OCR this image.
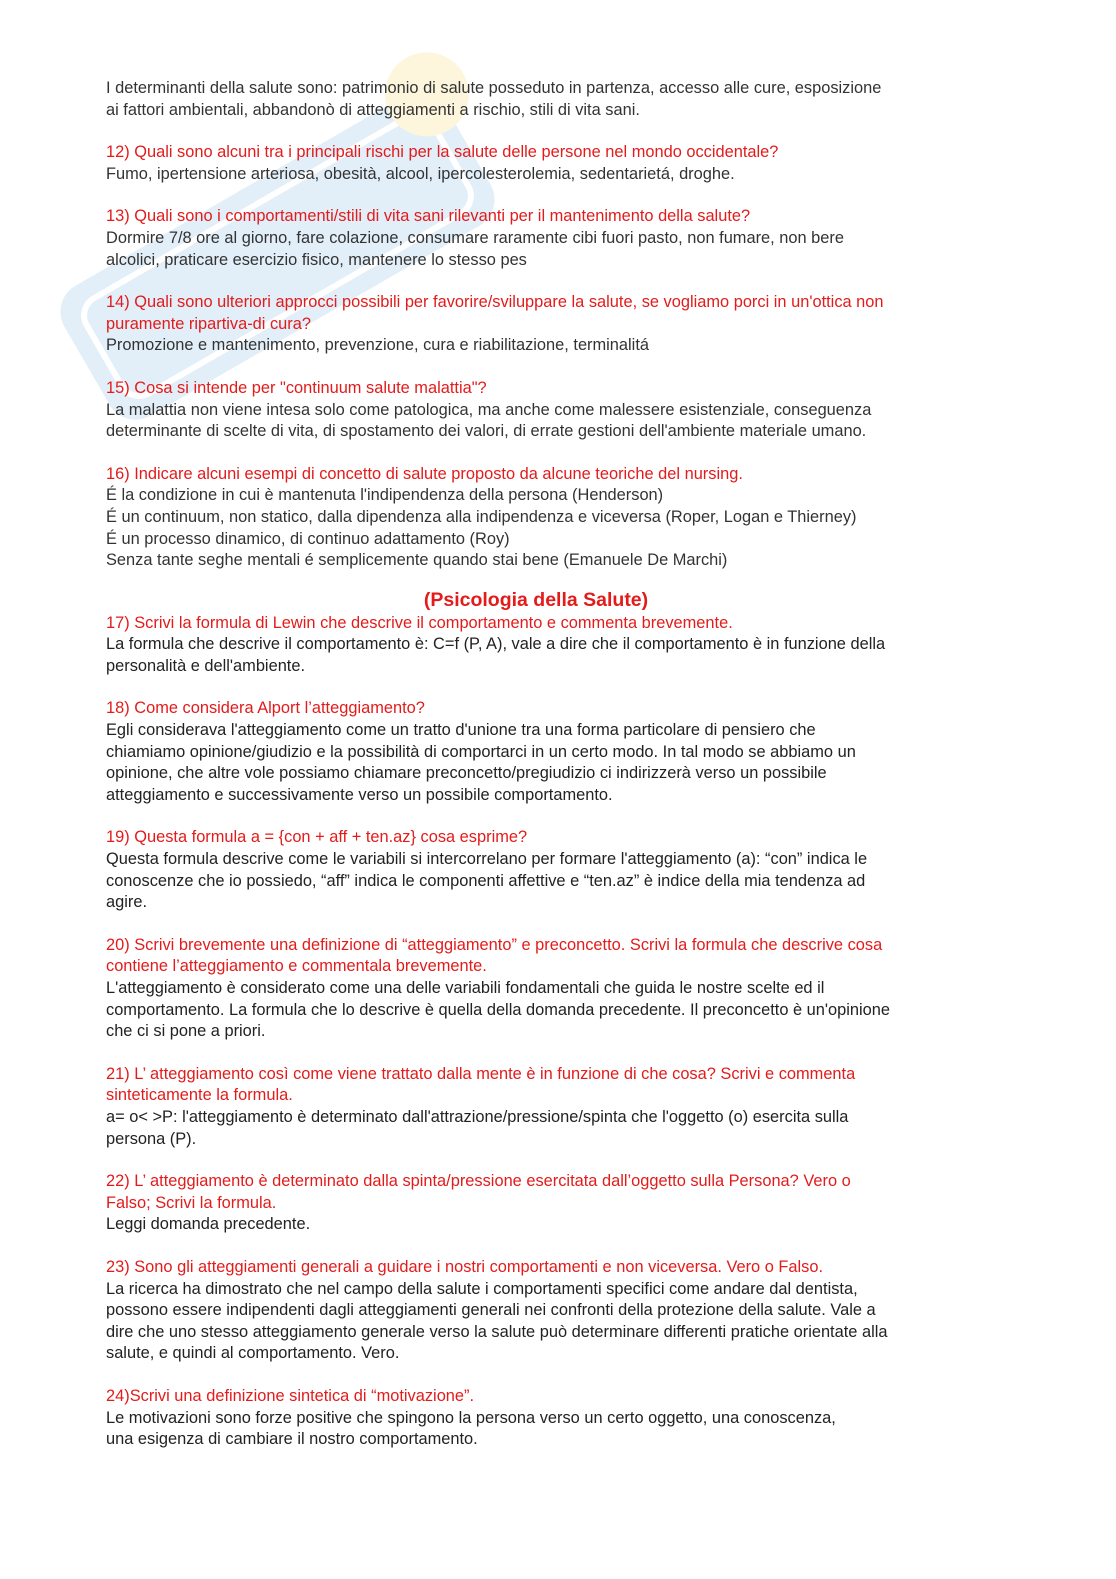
I determinanti della salute sono: patrimonio di salute posseduto in partenza, accesso alle cure, esposizione
ai fattori ambientali, abbandonò di atteggiamenti a rischio, stili di vita sani.
12) Quali sono alcuni tra i principali rischi per la salute delle persone nel mondo occidentale?
Fumo, ipertensione arteriosa, obesità, alcool, ipercolesterolemia, sedentarietá, droghe.
13) Quali sono i comportamenti/stili di vita sani rilevanti per il mantenimento della salute?
Dormire 7/8 ore al giorno, fare colazione, consumare raramente cibi fuori pasto, non fumare, non bere
alcolici, praticare esercizio fisico, mantenere lo stesso pes
14) Quali sono ulteriori approcci possibili per favorire/sviluppare la salute, se vogliamo porci in un'ottica non
puramente ripartiva-di cura?
Promozione e mantenimento, prevenzione, cura e riabilitazione, terminalitá
15) Cosa si intende per "continuum salute malattia"?
La malattia non viene intesa solo come patologica, ma anche come malessere esistenziale, conseguenza
determinante di scelte di vita, di spostamento dei valori, di errate gestioni dell'ambiente materiale umano.
16) Indicare alcuni esempi di concetto di salute proposto da alcune teoriche del nursing.
É la condizione in cui è mantenuta l'indipendenza della persona (Henderson)
É un continuum, non statico, dalla dipendenza alla indipendenza e viceversa (Roper, Logan e Thierney)
É un processo dinamico, di continuo adattamento (Roy)
Senza tante seghe mentali é semplicemente quando stai bene (Emanuele De Marchi)
(Psicologia della Salute)
17) Scrivi la formula di Lewin che descrive il comportamento e commenta brevemente.
La formula che descrive il comportamento è: C=f (P, A), vale a dire che il comportamento è in funzione della
personalità e dell'ambiente.
18) Come considera Alport l’atteggiamento?
Egli considerava l'atteggiamento come un tratto d'unione tra una forma particolare di pensiero che
chiamiamo opinione/giudizio e la possibilità di comportarci in un certo modo. In tal modo se abbiamo un
opinione, che altre vole possiamo chiamare preconcetto/pregiudizio ci indirizzerà verso un possibile
atteggiamento e successivamente verso un possibile comportamento.
19) Questa formula a = {con + aff + ten.az} cosa esprime?
Questa formula descrive come le variabili si intercorrelano per formare l'atteggiamento (a): “con” indica le
conoscenze che io possiedo, “aff” indica le componenti affettive e “ten.az” è indice della mia tendenza ad
agire.
20) Scrivi brevemente una definizione di “atteggiamento” e preconcetto. Scrivi la formula che descrive cosa
contiene l’atteggiamento e commentala brevemente.
L'atteggiamento è considerato come una delle variabili fondamentali che guida le nostre scelte ed il
comportamento. La formula che lo descrive è quella della domanda precedente. Il preconcetto è un'opinione
che ci si pone a priori.
21) L’ atteggiamento così come viene trattato dalla mente è in funzione di che cosa? Scrivi e commenta
sinteticamente la formula.
a= o< >P: l'atteggiamento è determinato dall'attrazione/pressione/spinta che l'oggetto (o) esercita sulla
persona (P).
22) L’ atteggiamento è determinato dalla spinta/pressione esercitata dall’oggetto sulla Persona? Vero o
Falso; Scrivi la formula.
Leggi domanda precedente.
23) Sono gli atteggiamenti generali a guidare i nostri comportamenti e non viceversa. Vero o Falso.
La ricerca ha dimostrato che nel campo della salute i comportamenti specifici come andare dal dentista,
possono essere indipendenti dagli atteggiamenti generali nei confronti della protezione della salute. Vale a
dire che uno stesso atteggiamento generale verso la salute può determinare differenti pratiche orientate alla
salute, e quindi al comportamento. Vero.
24)Scrivi una definizione sintetica di “motivazione”.
Le motivazioni sono forze positive che spingono la persona verso un certo oggetto, una conoscenza,
una esigenza di cambiare il nostro comportamento.
